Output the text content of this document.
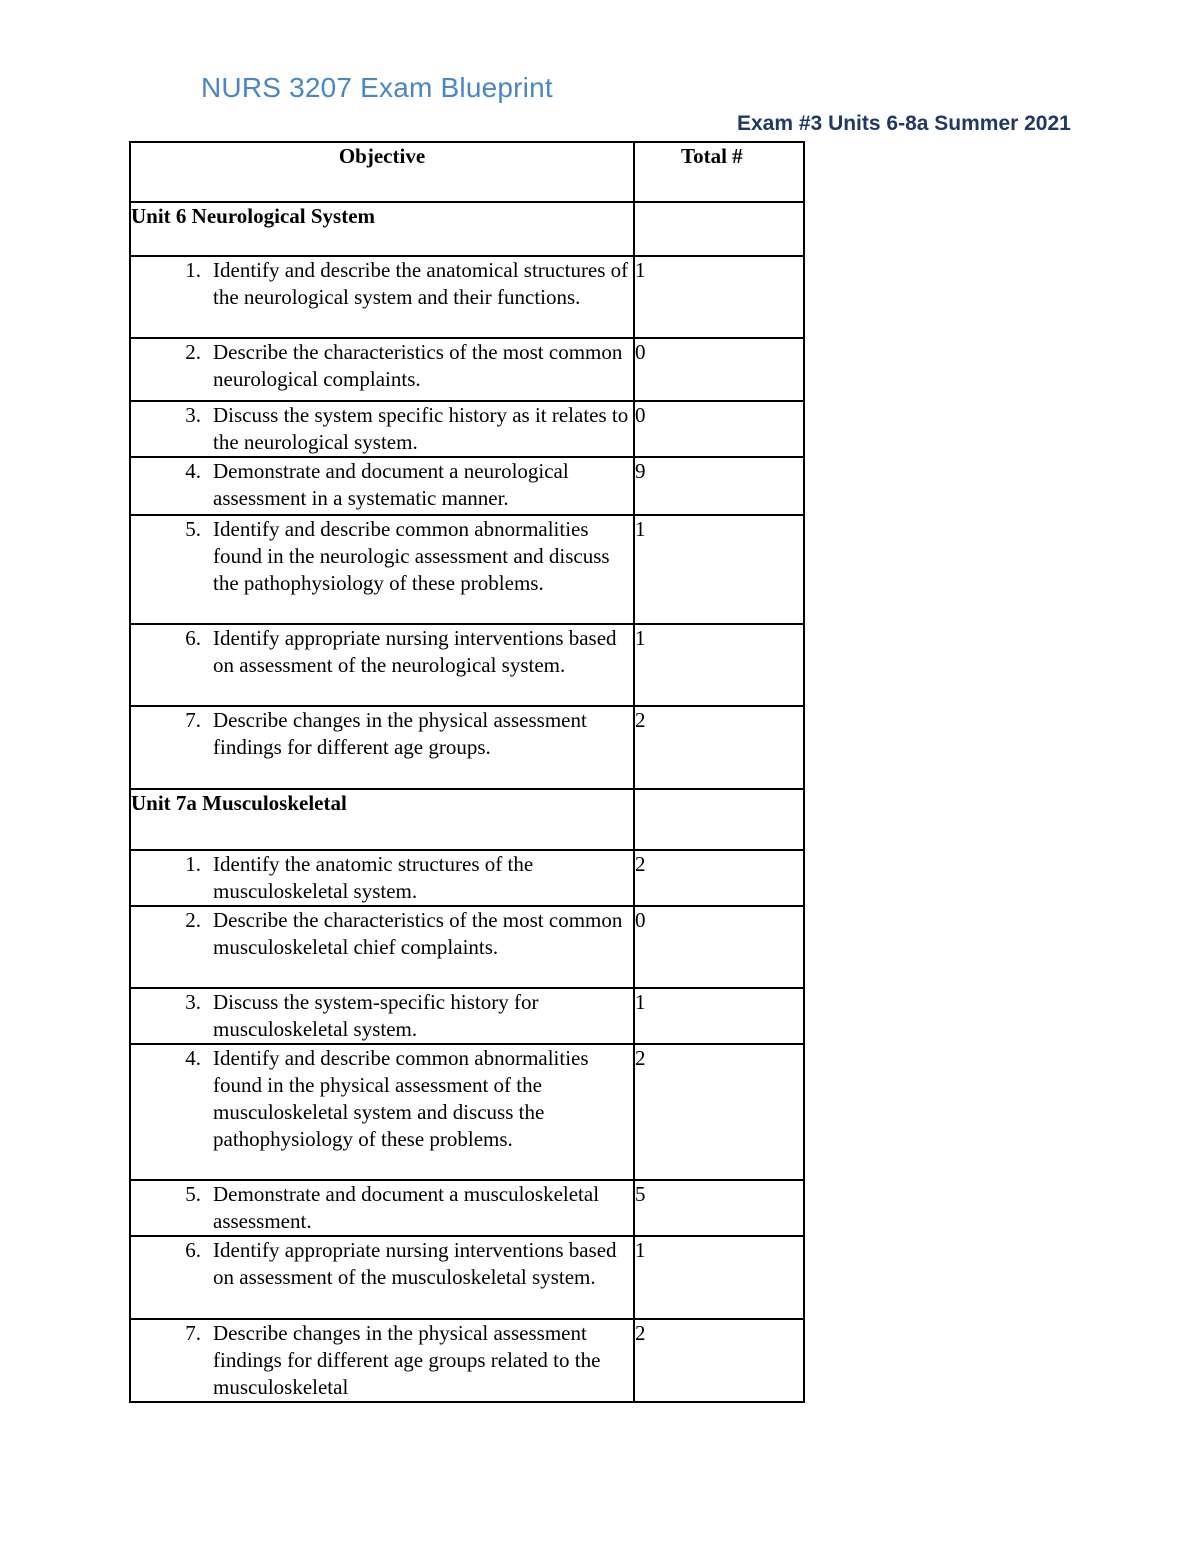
NURS 3207 Exam Blueprint
Exam #3 Units 6-8a Summer 2021
Objective	Total #
Unit 6 Neurological System	

1. Identify and describe the anatomical structures of the neurological system and their functions.	1

2. Describe the characteristics of the most common neurological complaints.	0

3. Discuss the system specific history as it relates to the neurological system.	0

4. Demonstrate and document a neurological assessment in a systematic manner.	9

5. Identify and describe common abnormalities found in the neurologic assessment and discuss the pathophysiology of these problems.	1

6. Identify appropriate nursing interventions based on assessment of the neurological system.	1

7. Describe changes in the physical assessment findings for different age groups.	2
Unit 7a Musculoskeletal	

1. Identify the anatomic structures of the musculoskeletal system.	2

2. Describe the characteristics of the most common musculoskeletal chief complaints.	0

3. Discuss the system-specific history for musculoskeletal system.	1

4. Identify and describe common abnormalities found in the physical assessment of the musculoskeletal system and discuss the pathophysiology of these problems.	2

5. Demonstrate and document a musculoskeletal assessment.	5

6. Identify appropriate nursing interventions based on assessment of the musculoskeletal system.	1

7. Describe changes in the physical assessment findings for different age groups related to the musculoskeletal	2
